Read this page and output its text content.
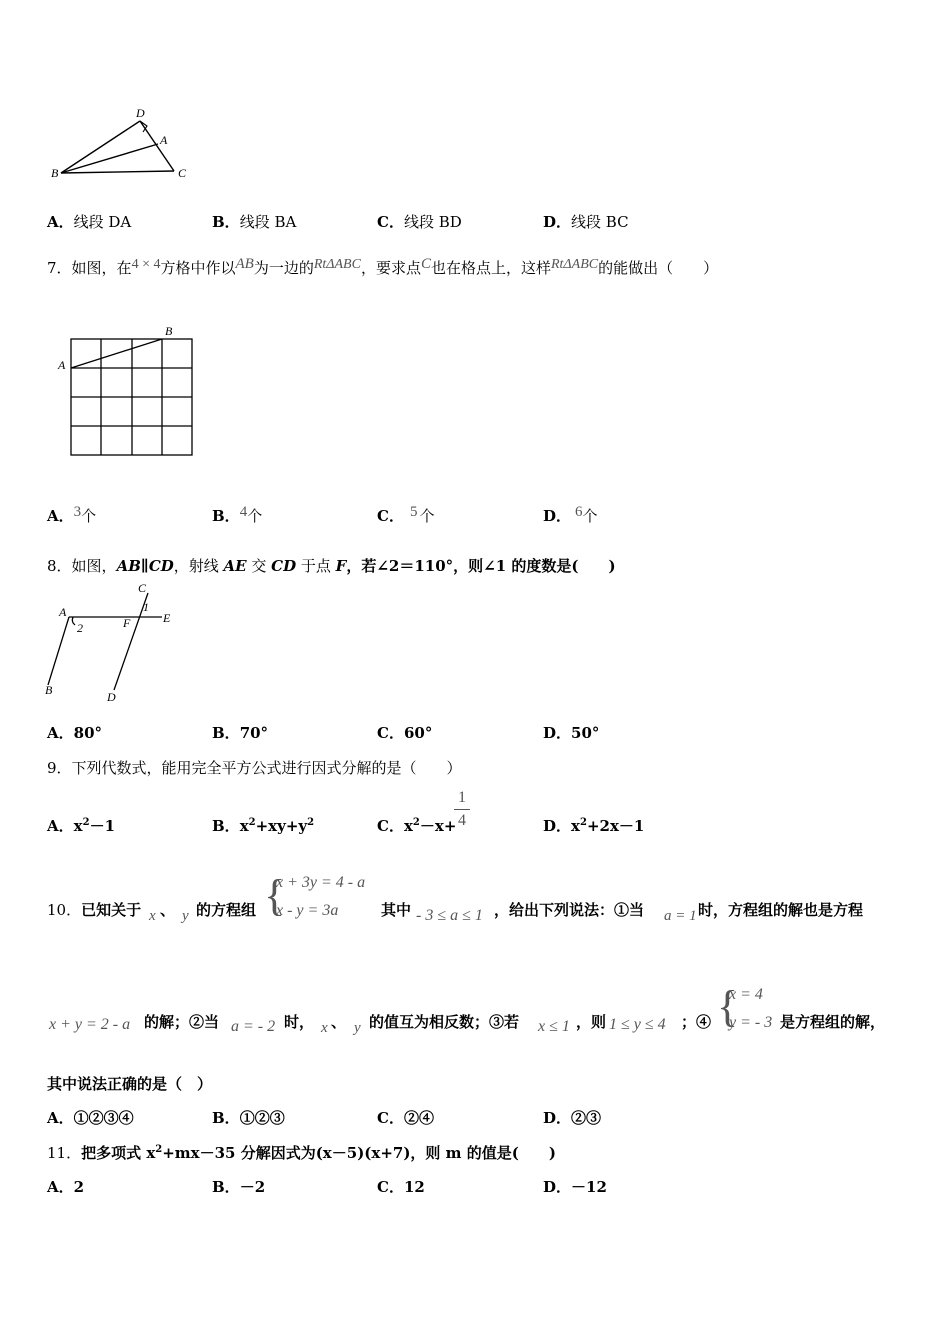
D
A
B	C
A．线段 DA	B．线段 BA	C．线段 BD	D．线段 BC
7．如图，在4 × 4方格中作以AB为一边的RtΔABC，要求点C也在格点上，这样RtΔABC的能做出（　　）
A
B
A．3个	B．4个	C． 5 个	D． 6个
8．如图，AB∥CD，射线 AE 交 CD 于点 F，若∠2＝110°，则∠1 的度数是(　　)
C
1
A
2	F	E
B	D
A．80°	B．70°	C．60°	D．50°
9．下列代数式，能用完全平方公式进行因式分解的是（　　）
A．$x^2-1$	B．$x^2+xy+y^2$	C．$x^2-x+$
1
4	D．$x^2+2x-1$
10．已知关于 x 、 y 的方程组 {
x + 3y = 4 - a
x - y = 3a	其中 - 3 ≤ a ≤ 1 ，给出下列说法：①当 a = 1 时，方程组的解也是方程
x + y = 2 - a 的解；②当 a = - 2 时， x 、 y 的值互为相反数；③若 x ≤ 1 ，则 1 ≤ y ≤ 4 ；④ {
x = 4
y = - 3 是方程组的解，
其中说法正确的是（　）
A．①②③④	B．①②③	C．②④	D．②③
11．把多项式 $x^2+mx-35$ 分解因式为(x－5)(x+7)，则 m 的值是(　　)
A．2	B．－2	C．12	D．－12
